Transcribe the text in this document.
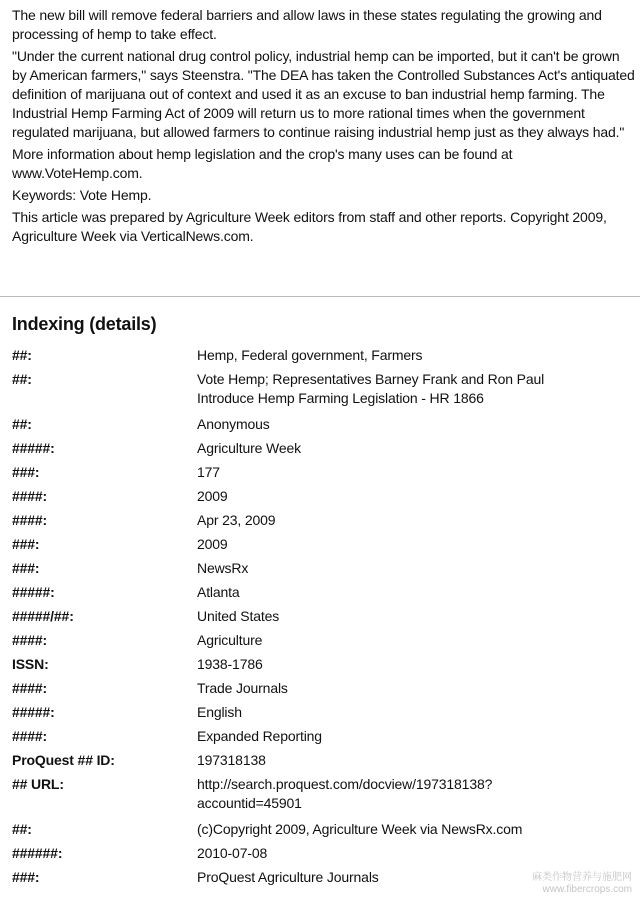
The new bill will remove federal barriers and allow laws in these states regulating the growing and processing of hemp to take effect.

"Under the current national drug control policy, industrial hemp can be imported, but it can't be grown by American farmers," says Steenstra. "The DEA has taken the Controlled Substances Act's antiquated definition of marijuana out of context and used it as an excuse to ban industrial hemp farming. The Industrial Hemp Farming Act of 2009 will return us to more rational times when the government regulated marijuana, but allowed farmers to continue raising industrial hemp just as they always had."

More information about hemp legislation and the crop's many uses can be found at www.VoteHemp.com.

Keywords: Vote Hemp.

This article was prepared by Agriculture Week editors from staff and other reports. Copyright 2009, Agriculture Week via VerticalNews.com.

Indexing (details)
##:	Hemp, Federal government, Farmers
##:	Vote Hemp; Representatives Barney Frank and Ron Paul
Introduce Hemp Farming Legislation - HR 1866
##:	Anonymous
#####:	Agriculture Week
###:	177
####:	2009
####:	Apr 23, 2009
###:	2009
###:	NewsRx
#####:	Atlanta
#####/##:	United States
####:	Agriculture
ISSN:	1938-1786
####:	Trade Journals
#####:	English
####:	Expanded Reporting
ProQuest ## ID:	197318138
## URL:	http://search.proquest.com/docview/197318138?
accountid=45901
##:	(c)Copyright 2009, Agriculture Week via NewsRx.com
######:	2010-07-08
###:	ProQuest Agriculture Journals	麻类作物营养与施肥网
www.fibercrops.com
